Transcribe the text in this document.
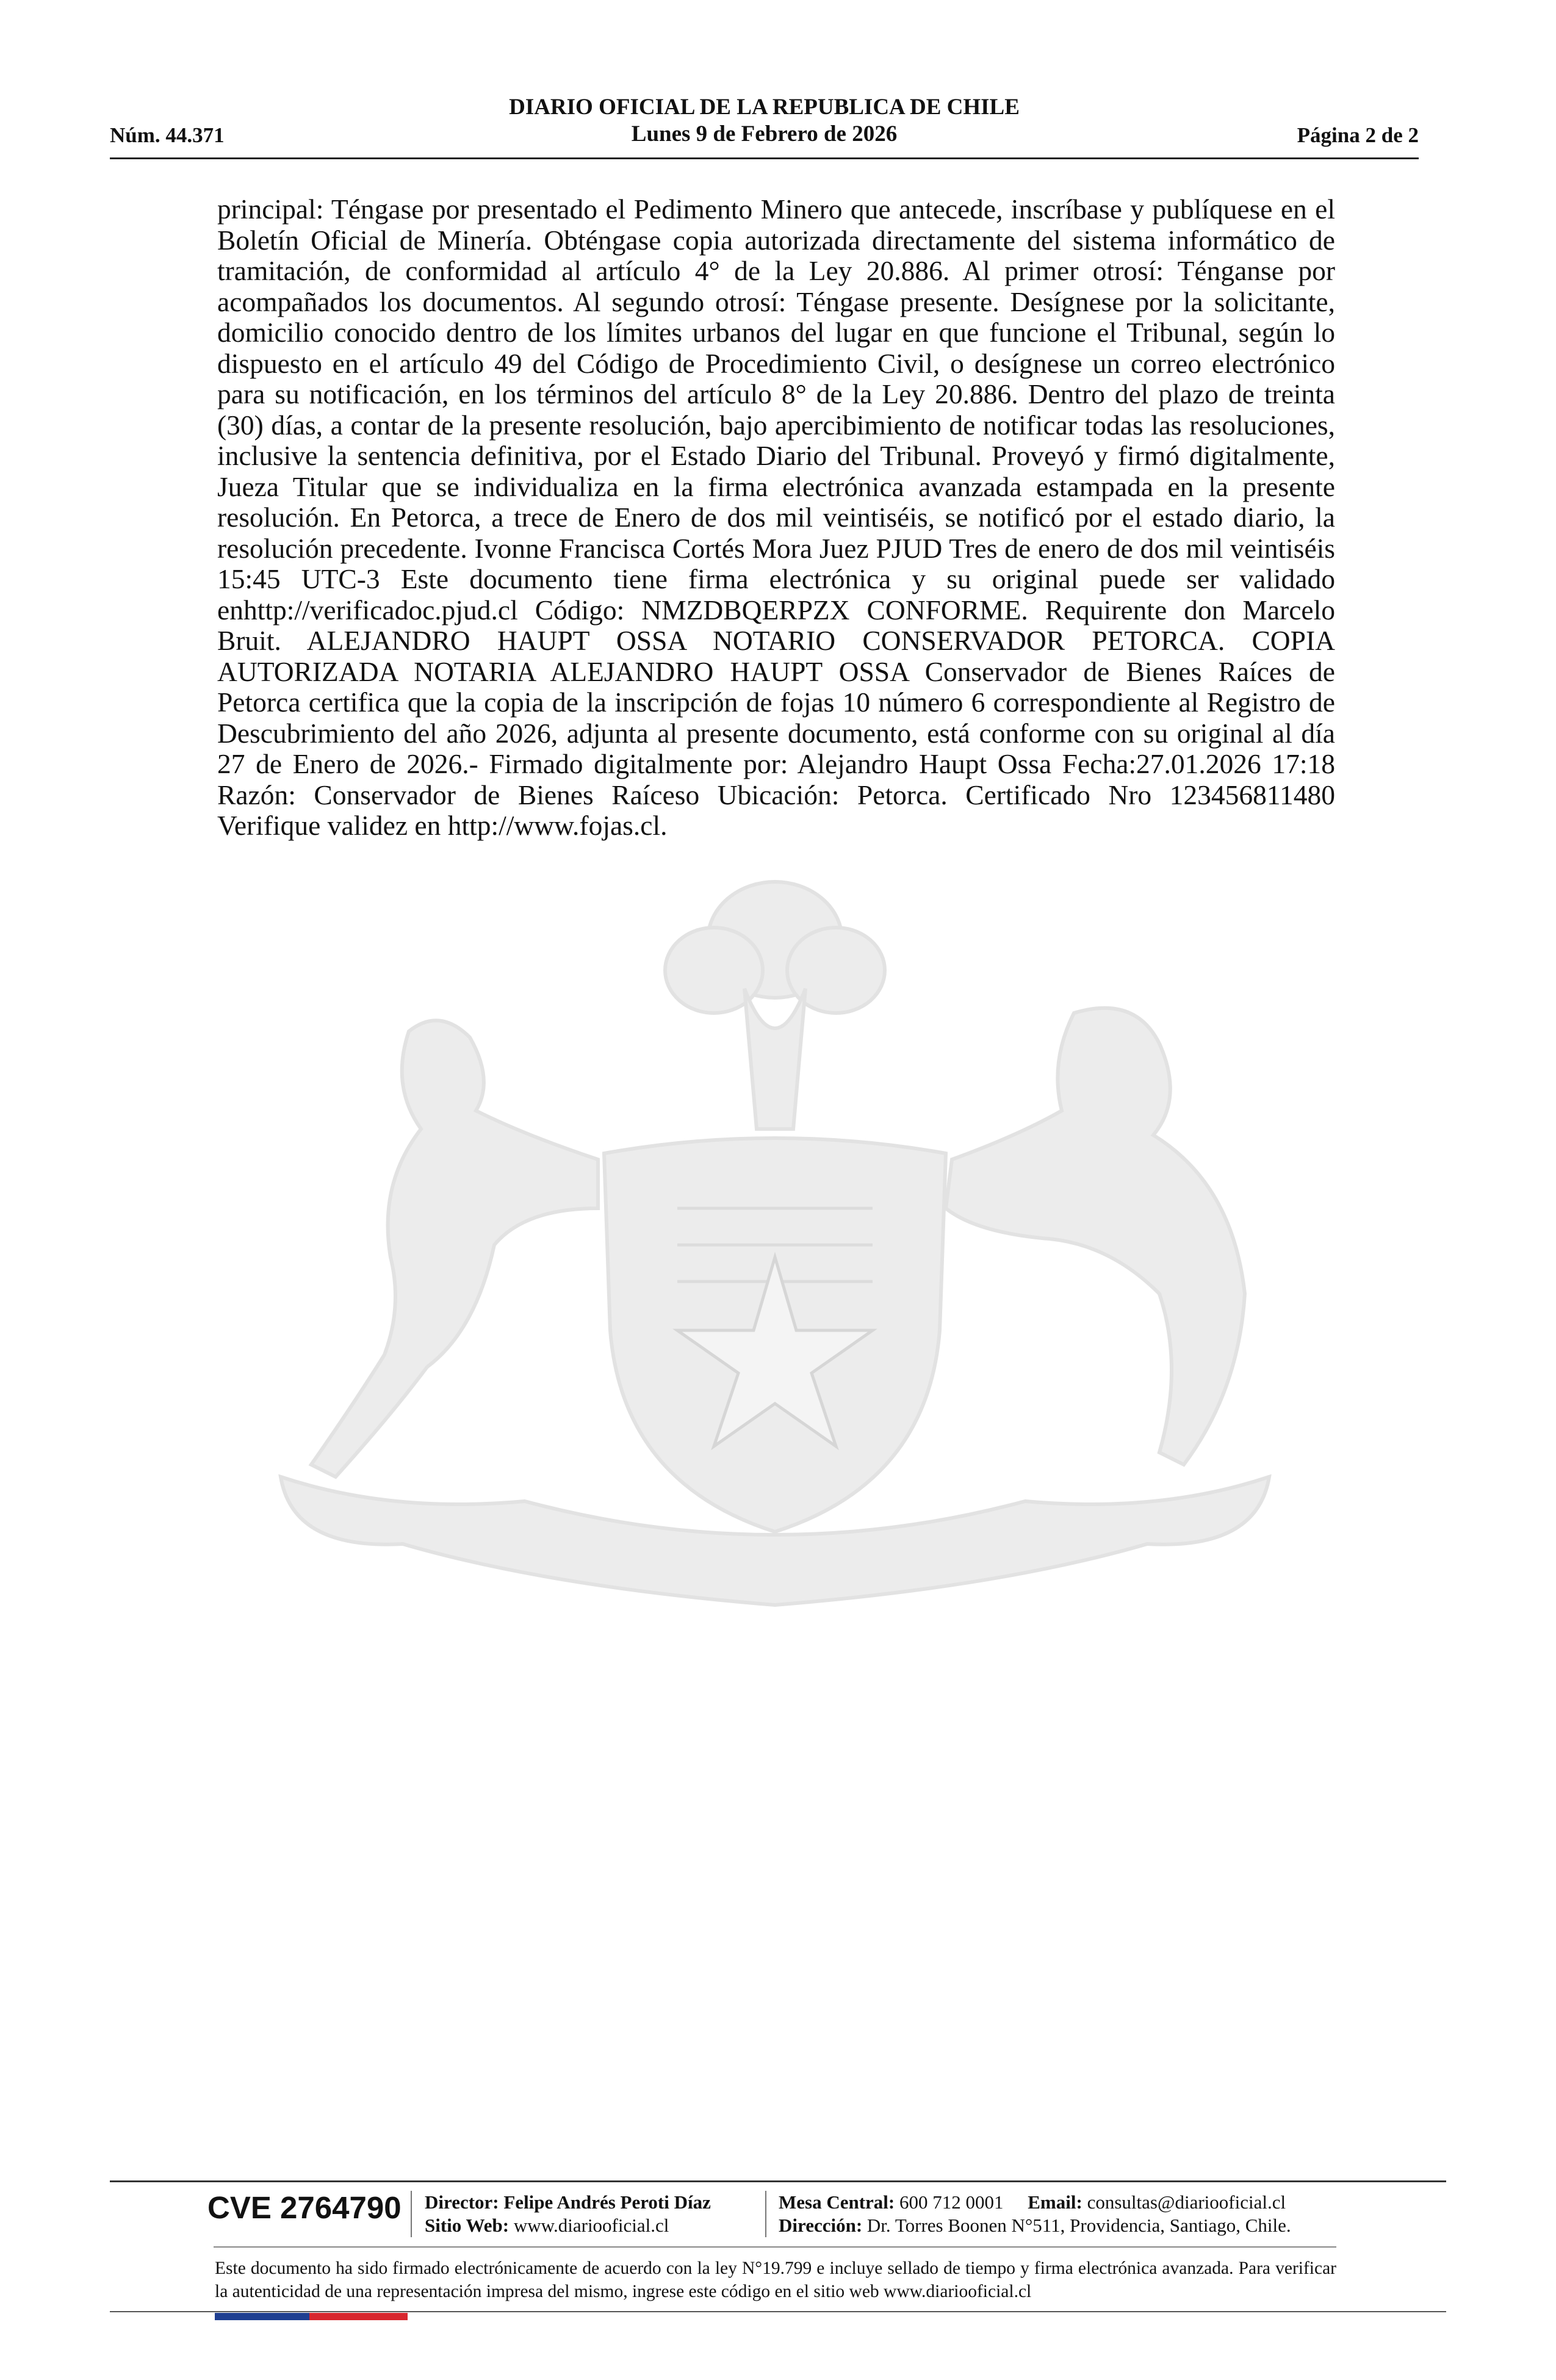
DIARIO OFICIAL DE LA REPUBLICA DE CHILE
Lunes 9 de Febrero de 2026
Núm. 44.371	Página 2 de 2
principal: Téngase por presentado el Pedimento Minero que antecede, inscríbase y publíquese en el Boletín Oficial de Minería. Obténgase copia autorizada directamente del sistema informático de tramitación, de conformidad al artículo 4° de la Ley 20.886. Al primer otrosí: Ténganse por acompañados los documentos. Al segundo otrosí: Téngase presente. Desígnese por la solicitante, domicilio conocido dentro de los límites urbanos del lugar en que funcione el Tribunal, según lo dispuesto en el artículo 49 del Código de Procedimiento Civil, o desígnese un correo electrónico para su notificación, en los términos del artículo 8° de la Ley 20.886. Dentro del plazo de treinta (30) días, a contar de la presente resolución, bajo apercibimiento de notificar todas las resoluciones, inclusive la sentencia definitiva, por el Estado Diario del Tribunal. Proveyó y firmó digitalmente, Jueza Titular que se individualiza en la firma electrónica avanzada estampada en la presente resolución. En Petorca, a trece de Enero de dos mil veintiséis, se notificó por el estado diario, la resolución precedente. Ivonne Francisca Cortés Mora Juez PJUD Tres de enero de dos mil veintiséis 15:45 UTC-3 Este documento tiene firma electrónica y su original puede ser validado enhttp://verificadoc.pjud.cl Código: NMZDBQERPZX CONFORME. Requirente don Marcelo Bruit. ALEJANDRO HAUPT OSSA NOTARIO CONSERVADOR PETORCA. COPIA AUTORIZADA NOTARIA ALEJANDRO HAUPT OSSA Conservador de Bienes Raíces de Petorca certifica que la copia de la inscripción de fojas 10 número 6 correspondiente al Registro de Descubrimiento del año 2026, adjunta al presente documento, está conforme con su original al día 27 de Enero de 2026.- Firmado digitalmente por: Alejandro Haupt Ossa Fecha:27.01.2026 17:18 Razón: Conservador de Bienes Raíceso Ubicación: Petorca. Certificado Nro 123456811480 Verifique validez en http://www.fojas.cl.
CVE 2764790	Director: Felipe Andrés Peroti Díaz
Sitio Web: www.diariooficial.cl
Mesa Central: 600 712 0001 Email: consultas@diariooficial.cl
Dirección: Dr. Torres Boonen N°511, Providencia, Santiago, Chile.
Este documento ha sido firmado electrónicamente de acuerdo con la ley N°19.799 e incluye sellado de tiempo y firma electrónica avanzada. Para verificar la autenticidad de una representación impresa del mismo, ingrese este código en el sitio web www.diariooficial.cl
